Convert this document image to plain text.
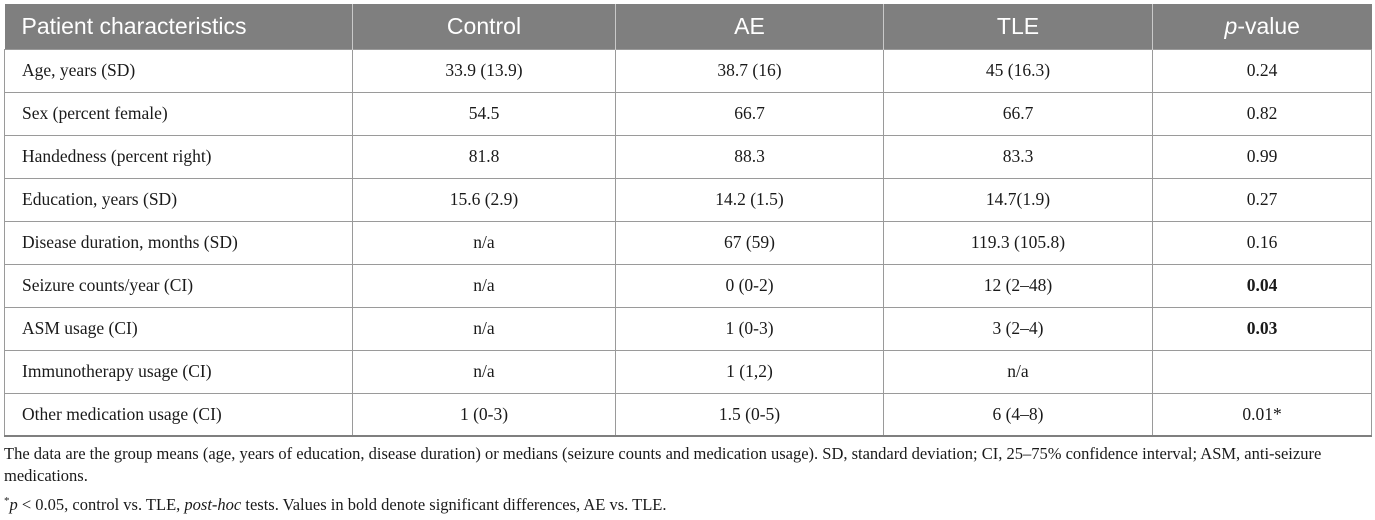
Patient characteristics	Control	AE	TLE	p-value
Age, years (SD)	33.9 (13.9)	38.7 (16)	45 (16.3)	0.24
Sex (percent female)	54.5	66.7	66.7	0.82
Handedness (percent right)	81.8	88.3	83.3	0.99
Education, years (SD)	15.6 (2.9)	14.2 (1.5)	14.7(1.9)	0.27
Disease duration, months (SD)	n/a	67 (59)	119.3 (105.8)	0.16
Seizure counts/year (CI)	n/a	0 (0-2)	12 (2–48)	0.04
ASM usage (CI)	n/a	1 (0-3)	3 (2–4)	0.03
Immunotherapy usage (CI)	n/a	1 (1,2)	n/a	
Other medication usage (CI)	1 (0-3)	1.5 (0-5)	6 (4–8)	0.01*

The data are the group means (age, years of education, disease duration) or medians (seizure counts and medication usage). SD, standard deviation; CI, 25–75% confidence interval; ASM, anti-seizure medications.

*p < 0.05, control vs. TLE, post-hoc tests. Values in bold denote significant differences, AE vs. TLE.
